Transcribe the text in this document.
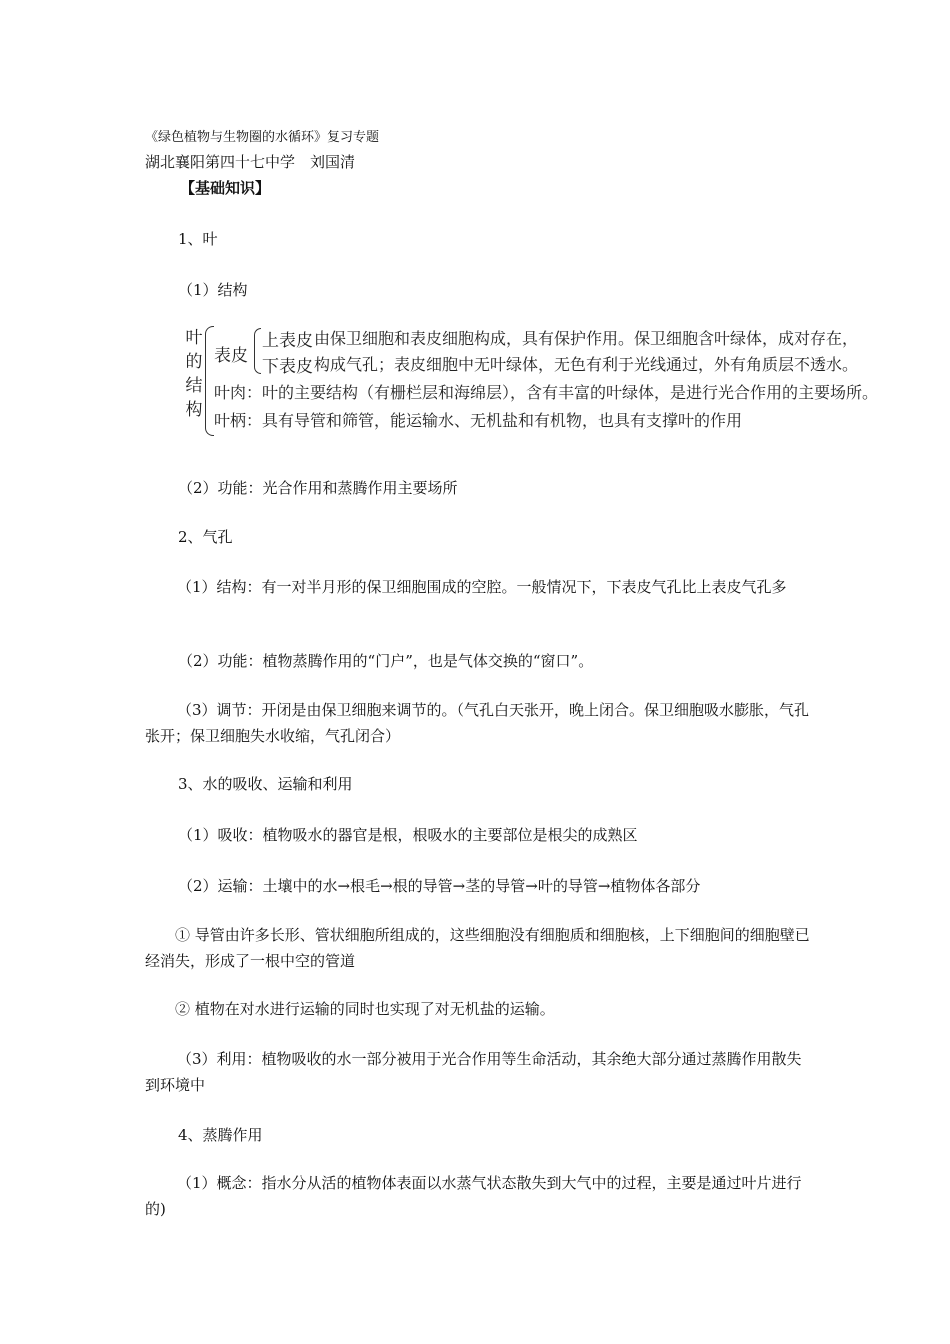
《绿色植物与生物圈的水循环》复习专题
湖北襄阳第四十七中学　刘国清
【基础知识】
1、叶
（1）结构
叶
的
结
构
表皮
上表皮
下表皮
由保卫细胞和表皮细胞构成，具有保护作用。保卫细胞含叶绿体，成对存在，
构成气孔；表皮细胞中无叶绿体，无色有利于光线通过，外有角质层不透水。
叶肉：叶的主要结构（有栅栏层和海绵层），含有丰富的叶绿体，是进行光合作用的主要场所。
叶柄：具有导管和筛管，能运输水、无机盐和有机物，也具有支撑叶的作用
（2）功能：光合作用和蒸腾作用主要场所
2、气孔
（1）结构：有一对半月形的保卫细胞围成的空腔。一般情况下，下表皮气孔比上表皮气孔多
（2）功能：植物蒸腾作用的“门户”，也是气体交换的“窗口”。
（3）调节：开闭是由保卫细胞来调节的。（气孔白天张开，晚上闭合。保卫细胞吸水膨胀，气孔张开；保卫细胞失水收缩，气孔闭合）
3、水的吸收、运输和利用
（1）吸收：植物吸水的器官是根，根吸水的主要部位是根尖的成熟区
（2）运输：土壤中的水→根毛→根的导管→茎的导管→叶的导管→植物体各部分
① 导管由许多长形、管状细胞所组成的，这些细胞没有细胞质和细胞核，上下细胞间的细胞壁已经消失，形成了一根中空的管道
② 植物在对水进行运输的同时也实现了对无机盐的运输。
（3）利用：植物吸收的水一部分被用于光合作用等生命活动，其余绝大部分通过蒸腾作用散失到环境中
4、蒸腾作用
（1）概念：指水分从活的植物体表面以水蒸气状态散失到大气中的过程，主要是通过叶片进行的)
